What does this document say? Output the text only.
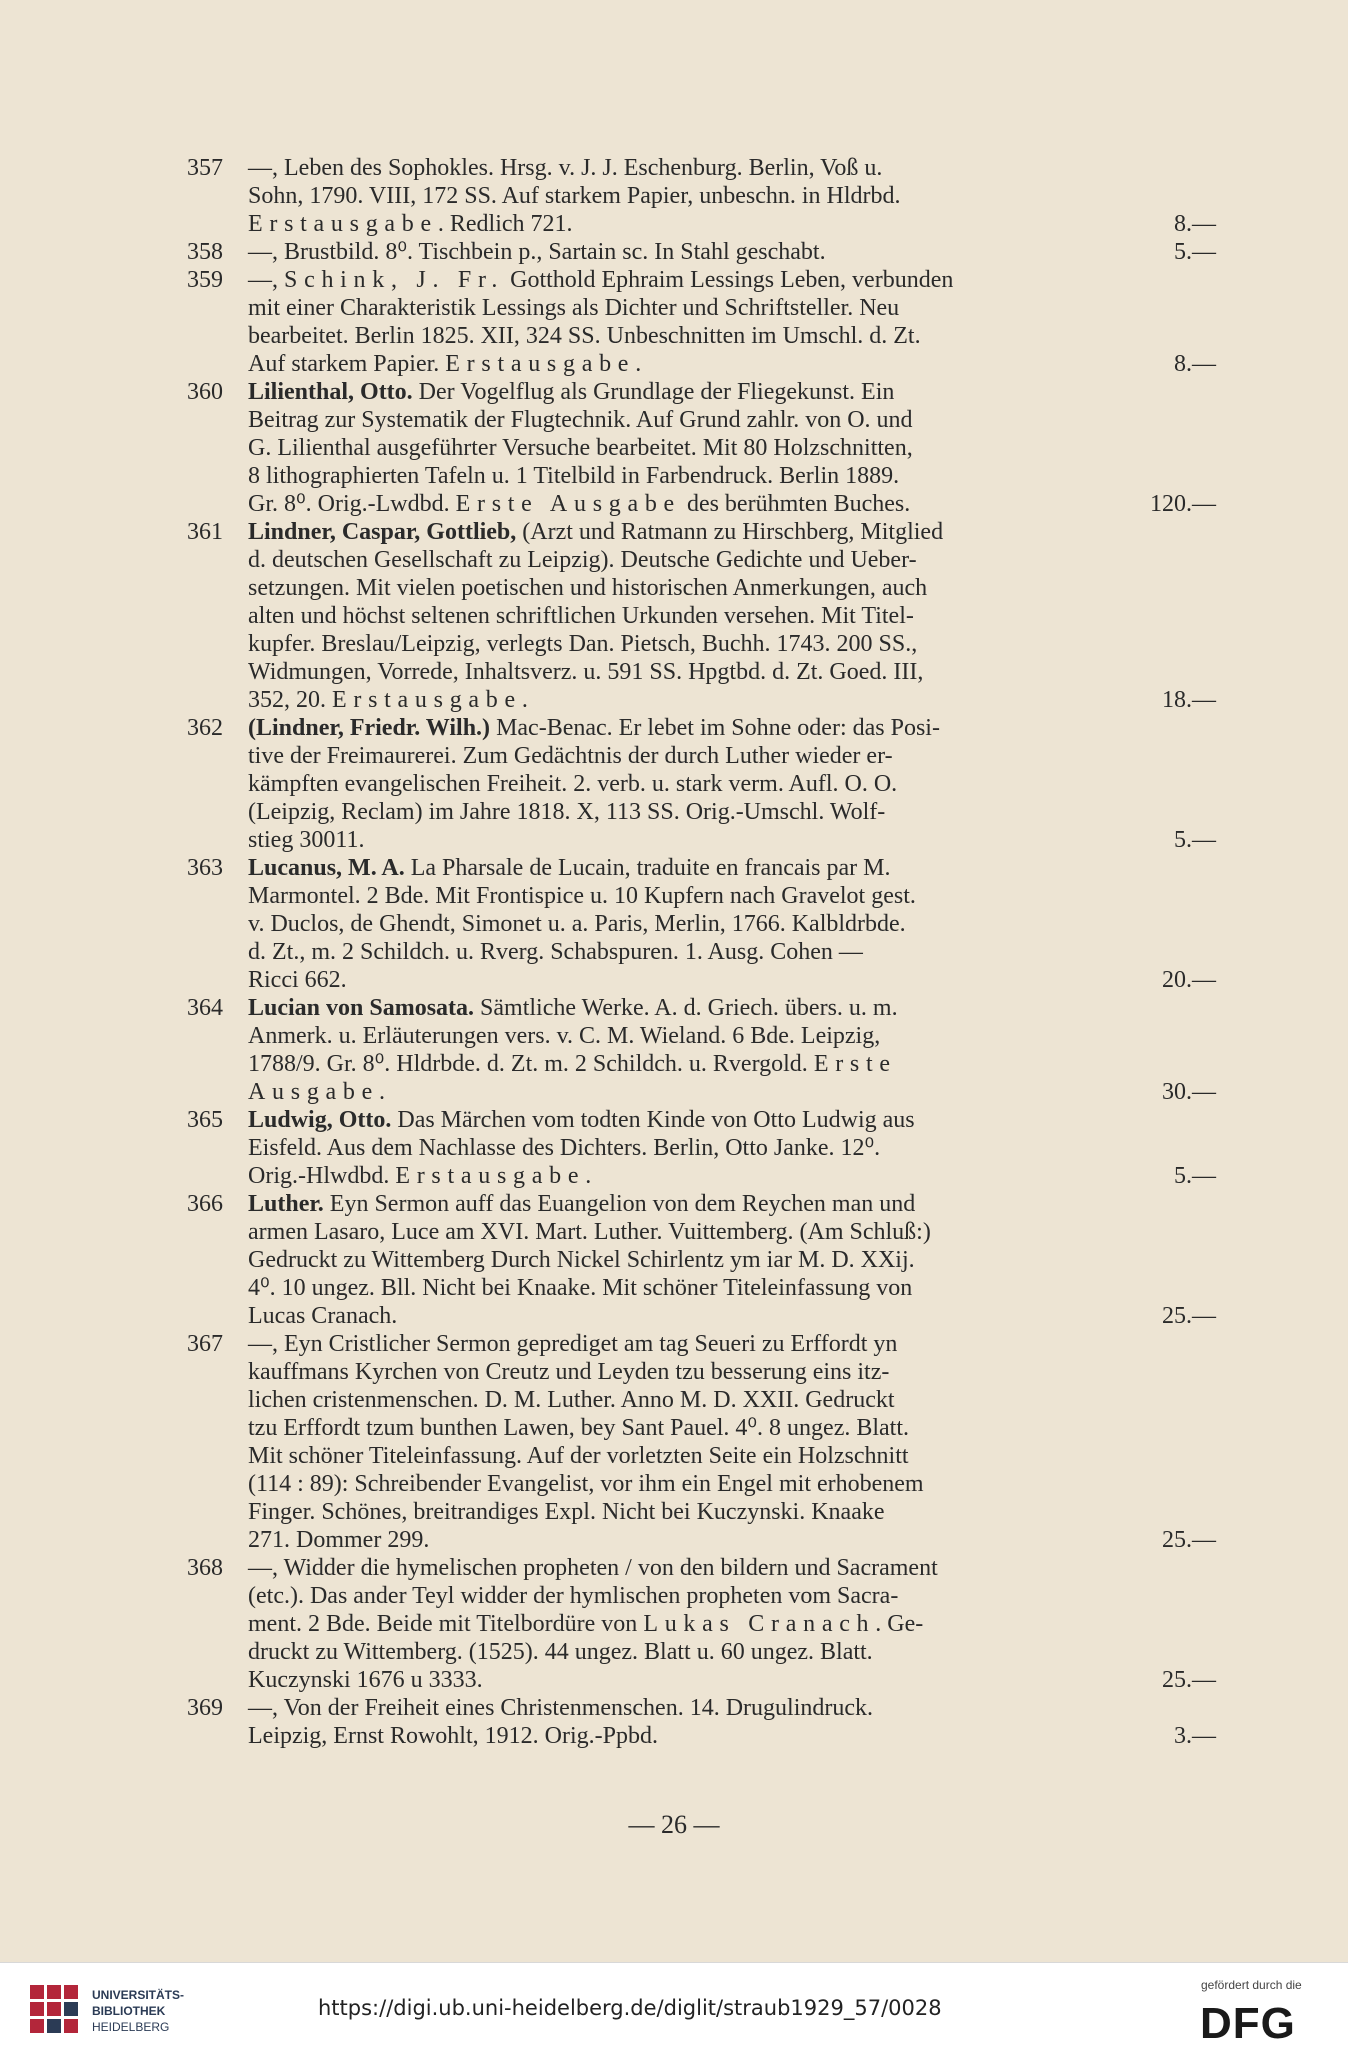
357 —, Leben des Sophokles. Hrsg. v. J. J. Eschenburg. Berlin, Voß u.
Sohn, 1790. VIII, 172 SS. Auf starkem Papier, unbeschn. in Hldrbd.
Erstausgabe. Redlich 721.	8.—
358 —, Brustbild. 8⁰. Tischbein p., Sartain sc. In Stahl geschabt.	5.—
359 —, Schink, J. Fr. Gotthold Ephraim Lessings Leben, verbunden
mit einer Charakteristik Lessings als Dichter und Schriftsteller. Neu
bearbeitet. Berlin 1825. XII, 324 SS. Unbeschnitten im Umschl. d. Zt.
Auf starkem Papier. Erstausgabe.	8.—
360 Lilienthal, Otto. Der Vogelflug als Grundlage der Fliegekunst. Ein
Beitrag zur Systematik der Flugtechnik. Auf Grund zahlr. von O. und
G. Lilienthal ausgeführter Versuche bearbeitet. Mit 80 Holzschnitten,
8 lithographierten Tafeln u. 1 Titelbild in Farbendruck. Berlin 1889.
Gr. 8⁰. Orig.-Lwdbd. Erste Ausgabe des berühmten Buches.	120.—
361 Lindner, Caspar, Gottlieb, (Arzt und Ratmann zu Hirschberg, Mitglied
d. deutschen Gesellschaft zu Leipzig). Deutsche Gedichte und Ueber-
setzungen. Mit vielen poetischen und historischen Anmerkungen, auch
alten und höchst seltenen schriftlichen Urkunden versehen. Mit Titel-
kupfer. Breslau/Leipzig, verlegts Dan. Pietsch, Buchh. 1743. 200 SS.,
Widmungen, Vorrede, Inhaltsverz. u. 591 SS. Hpgtbd. d. Zt. Goed. III,
352, 20. Erstausgabe.	18.—
362 (Lindner, Friedr. Wilh.) Mac-Benac. Er lebet im Sohne oder: das Posi-
tive der Freimaurerei. Zum Gedächtnis der durch Luther wieder er-
kämpften evangelischen Freiheit. 2. verb. u. stark verm. Aufl. O. O.
(Leipzig, Reclam) im Jahre 1818. X, 113 SS. Orig.-Umschl. Wolf-
stieg 30011.	5.—
363 Lucanus, M. A. La Pharsale de Lucain, traduite en francais par M.
Marmontel. 2 Bde. Mit Frontispice u. 10 Kupfern nach Gravelot gest.
v. Duclos, de Ghendt, Simonet u. a. Paris, Merlin, 1766. Kalbldrbde.
d. Zt., m. 2 Schildch. u. Rverg. Schabspuren. 1. Ausg. Cohen —
Ricci 662.	20.—
364 Lucian von Samosata. Sämtliche Werke. A. d. Griech. übers. u. m.
Anmerk. u. Erläuterungen vers. v. C. M. Wieland. 6 Bde. Leipzig,
1788/9. Gr. 8⁰. Hldrbde. d. Zt. m. 2 Schildch. u. Rvergold. Erste
Ausgabe.	30.—
365 Ludwig, Otto. Das Märchen vom todten Kinde von Otto Ludwig aus
Eisfeld. Aus dem Nachlasse des Dichters. Berlin, Otto Janke. 12⁰.
Orig.-Hlwdbd. Erstausgabe.	5.—
366 Luther. Eyn Sermon auff das Euangelion von dem Reychen man und
armen Lasaro, Luce am XVI. Mart. Luther. Vuittemberg. (Am Schluß:)
Gedruckt zu Wittemberg Durch Nickel Schirlentz ym iar M. D. XXij.
4⁰. 10 ungez. Bll. Nicht bei Knaake. Mit schöner Titeleinfassung von
Lucas Cranach.	25.—
367 —, Eyn Cristlicher Sermon geprediget am tag Seueri zu Erffordt yn
kauffmans Kyrchen von Creutz und Leyden tzu besserung eins itz-
lichen cristenmenschen. D. M. Luther. Anno M. D. XXII. Gedruckt
tzu Erffordt tzum bunthen Lawen, bey Sant Pauel. 4⁰. 8 ungez. Blatt.
Mit schöner Titeleinfassung. Auf der vorletzten Seite ein Holzschnitt
(114 : 89): Schreibender Evangelist, vor ihm ein Engel mit erhobenem
Finger. Schönes, breitrandiges Expl. Nicht bei Kuczynski. Knaake
271. Dommer 299.	25.—
368 —, Widder die hymelischen propheten / von den bildern und Sacrament
(etc.). Das ander Teyl widder der hymlischen propheten vom Sacra-
ment. 2 Bde. Beide mit Titelbordüre von Lukas Cranach. Ge-
druckt zu Wittemberg. (1525). 44 ungez. Blatt u. 60 ungez. Blatt.
Kuczynski 1676 u 3333.	25.—
369 —, Von der Freiheit eines Christenmenschen. 14. Drugulindruck.
Leipzig, Ernst Rowohlt, 1912. Orig.-Ppbd.	3.—
— 26 —
UNIVERSITÄTS-
BIBLIOTHEK
HEIDELBERG
https://digi.ub.uni-heidelberg.de/diglit/straub1929_57/0028
gefördert durch die
DFG
